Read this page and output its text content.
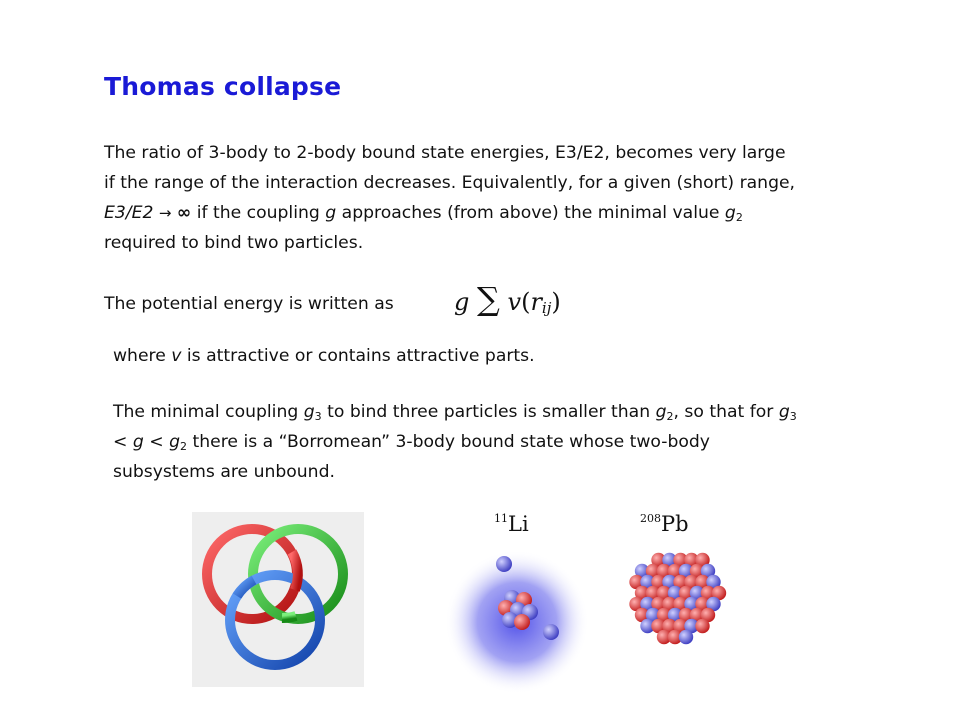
Thomas collapse
The ratio of 3-body to 2-body bound state energies, E3/E2, becomes very large
if the range of the interaction decreases. Equivalently, for a given (short) range,
E3/E2 → ∞ if the coupling g approaches (from above) the minimal value $g_2$
required to bind two particles.
The potential energy is written as	g ∑ $v(r_{ij})$
where v is attractive or contains attractive parts.
The minimal coupling $g_3$ to bind three particles is smaller than $g_2$, so that for $g_3$
< $g < g_2$ there is a “Borromean” 3-body bound state whose two-body
subsystems are unbound.
$^{11}$Li	$^{208}$Pb
